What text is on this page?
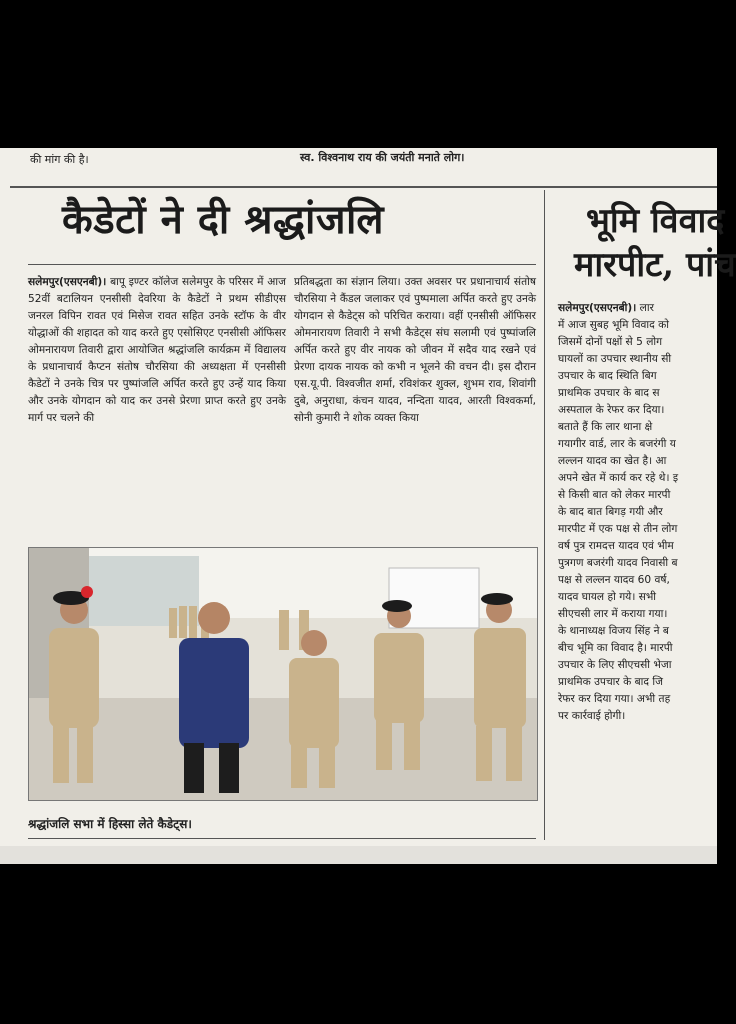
की मांग की है।	स्व. विश्वनाथ राय की जयंती मनाते लोग।
कैडेटों ने दी श्रद्धांजलि	भूमि विवाद
मारपीट, पांच
सलेमपुर(एसएनबी)। बापू इण्टर कॉलेज सलेमपुर के परिसर में आज 52वीं बटालियन एनसीसी देवरिया के कैडेटों ने प्रथम सीडीएस जनरल विपिन रावत एवं मिसेज रावत सहित उनके स्टॉफ के वीर योद्धाओं की शहादत को याद करते हुए एसोसिएट एनसीसी ऑफिसर ओमनारायण तिवारी द्वारा आयोजित श्रद्धांजलि कार्यक्रम में विद्यालय के प्रधानाचार्य कैप्टन संतोष चौरसिया की अध्यक्षता में एनसीसी कैडेटों ने उनके चित्र पर पुष्पांजलि अर्पित करते हुए उन्हें याद किया और उनके योगदान को याद कर उनसे प्रेरणा प्राप्त करते हुए उनके मार्ग पर चलने की
प्रतिबद्धता का संज्ञान लिया। उक्त अवसर पर प्रधानाचार्य संतोष चौरसिया ने कैंडल जलाकर एवं पुष्पमाला अर्पित करते हुए उनके योगदान से कैडेट्स को परिचित कराया। वहीं एनसीसी ऑफिसर ओमनारायण तिवारी ने सभी कैडेट्स संघ सलामी एवं पुष्पांजलि अर्पित करते हुए वीर नायक को जीवन में सदैव याद रखने एवं प्रेरणा दायक नायक को कभी न भूलने की वचन दी। इस दौरान एस.यू.पी. विश्वजीत शर्मा, रविशंकर शुक्ल, शुभम राव, शिवांगी दुबे, अनुराधा, कंचन यादव, नन्दिता यादव, आरती विश्वकर्मा, सोनी कुमारी ने शोक व्यक्त किया
सलेमपुर(एसएनबी)। लार
में आज सुबह भूमि विवाद को
जिसमें दोनों पक्षों से 5 लोग
घायलों का उपचार स्थानीय सी
उपचार के बाद स्थिति बिग
प्राथमिक उपचार के बाद स
अस्पताल के रेफर कर दिया।
बताते हैं कि लार थाना क्षे
गयागीर वार्ड, लार के बजरंगी य
लल्लन यादव का खेत है। आ
अपने खेत में कार्य कर रहे थे। इ
से किसी बात को लेकर मारपी
के बाद बात बिगड़ गयी और
मारपीट में एक पक्ष से तीन लोग
वर्ष पुत्र रामदत्त यादव एवं भीम
पुत्रगण बजरंगी यादव निवासी ब
पक्ष से लल्लन यादव 60 वर्ष,
यादव घायल हो गये। सभी
सीएचसी लार में कराया गया।
के थानाध्यक्ष विजय सिंह ने ब
बीच भूमि का विवाद है। मारपी
उपचार के लिए सीएचसी भेजा
प्राथमिक उपचार के बाद जि
रेफर कर दिया गया। अभी तह
पर कार्रवाई होगी।
श्रद्धांजलि सभा में हिस्सा लेते कैडेट्स।
